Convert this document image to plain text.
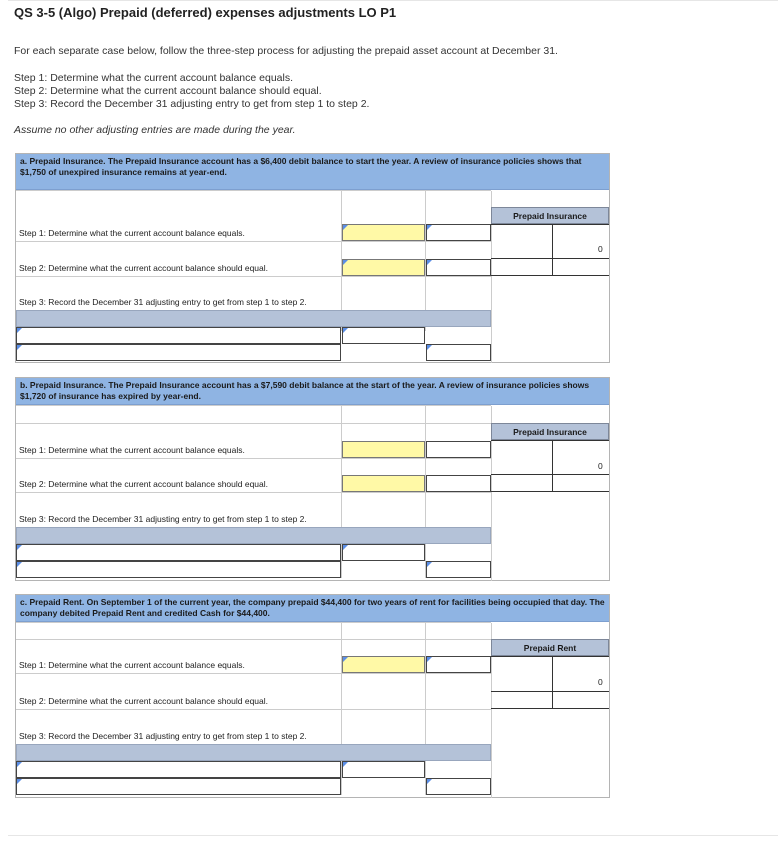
QS 3-5 (Algo) Prepaid (deferred) expenses adjustments LO P1
For each separate case below, follow the three-step process for adjusting the prepaid asset account at December 31.
Step 1: Determine what the current account balance equals.
Step 2: Determine what the current account balance should equal.
Step 3: Record the December 31 adjusting entry to get from step 1 to step 2.
Assume no other adjusting entries are made during the year.
a. Prepaid Insurance. The Prepaid Insurance account has a $6,400 debit balance to start the year. A review of insurance policies shows that $1,750 of unexpired insurance remains at year-end.
Step 1: Determine what the current account balance equals.
Step 2: Determine what the current account balance should equal.
Step 3: Record the December 31 adjusting entry to get from step 1 to step 2.
Prepaid Insurance
0
b. Prepaid Insurance. The Prepaid Insurance account has a $7,590 debit balance at the start of the year. A review of insurance policies shows $1,720 of insurance has expired by year-end.
Step 1: Determine what the current account balance equals.
Step 2: Determine what the current account balance should equal.
Step 3: Record the December 31 adjusting entry to get from step 1 to step 2.
Prepaid Insurance
0
c. Prepaid Rent. On September 1 of the current year, the company prepaid $44,400 for two years of rent for facilities being occupied that day. The company debited Prepaid Rent and credited Cash for $44,400.
Step 1: Determine what the current account balance equals.
Step 2: Determine what the current account balance should equal.
Step 3: Record the December 31 adjusting entry to get from step 1 to step 2.
Prepaid Rent
0
